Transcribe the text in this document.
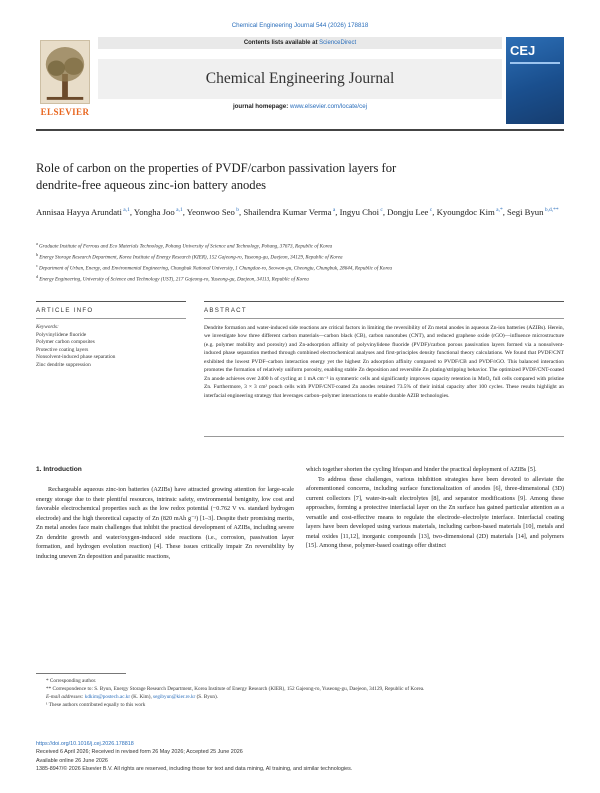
Chemical Engineering Journal 544 (2026) 178818
ELSEVIER
Contents lists available at ScienceDirect
Chemical Engineering Journal
journal homepage: www.elsevier.com/locate/cej
CEJ
Role of carbon on the properties of PVDF/carbon passivation layers for
dendrite-free aqueous zinc-ion battery anodes
Annisaa Hayya Arundati $^{a,1}$, Yongha Joo $^{a,1}$, Yeonwoo Seo $^b$, Shailendra Kumar Verma $^a$, Ingyu Choi $^c$, Dongju Lee $^c$, Kyoungdoc Kim $^{a,*}$, Segi Byun $^{b,d,**}$
$^a$ Graduate Institute of Ferrous and Eco Materials Technology, Pohang University of Science and Technology, Pohang, 37673, Republic of Korea
$^b$ Energy Storage Research Department, Korea Institute of Energy Research (KIER), 152 Gajeong-ro, Yuseong-gu, Daejeon, 34129, Republic of Korea
$^c$ Department of Urban, Energy, and Environmental Engineering, Chungbuk National University, 1 Chungdae-ro, Seowon-gu, Cheongju, Chungbuk, 28644, Republic of Korea
$^d$ Energy Engineering, University of Science and Technology (UST), 217 Gajeong-ro, Yuseong-gu, Daejeon, 34113, Republic of Korea
ARTICLE INFO	ABSTRACT
Keywords:
Polyvinylidene fluoride
Polymer carbon composites
Protective coating layers
Nonsolvent-induced phase separation
Zinc dendrite suppression
Dendrite formation and water-induced side reactions are critical factors in limiting the reversibility of Zn metal anodes in aqueous Zn-ion batteries (AZIBs). Herein, we investigate how three different carbon materials—carbon black (CB), carbon nanotubes (CNT), and reduced graphene oxide (rGO)—influence microstructure (e.g. polymer mobility and porosity) and Zn-adsorption affinity of polyvinylidene fluoride (PVDF)/carbon porous passivation layers formed via a nonsolvent-induced phase separation method through combined electrochemical analyses and first-principles density functional theory calculations. We found that PVDF/CNT exhibited the lowest PVDF–carbon interaction energy yet the highest Zn adsorption affinity compared to PVDF/CB and PVDF/rGO. This balanced interaction promotes the formation of relatively uniform porosity, enabling stable Zn deposition and reversible Zn plating/stripping behavior. The optimized PVDF/CNT-coated Zn anode achieves over 2400 h of cycling at 1 mA cm⁻² in symmetric cells and significantly improves capacity retention in MnO₂ full cells compared with pristine Zn. Furthermore, 3 × 3 cm² pouch cells with PVDF/CNT-coated Zn anodes retained 73.5% of their initial capacity after 100 cycles. These results highlight an interfacial engineering strategy that leverages carbon–polymer interactions to enable durable AZIB technologies.
1. Introduction

Rechargeable aqueous zinc-ion batteries (AZIBs) have attracted growing attention for large-scale energy storage due to their plentiful resources, intrinsic safety, environmental benignity, low cost and favorable electrochemical properties such as the low redox potential (−0.762 V vs. standard hydrogen electrode) and the high theoretical capacity of Zn (820 mAh g⁻¹) [1–3]. Despite their promising merits, Zn metal anodes face main challenges that inhibit the practical development of AZIBs, including severe Zn dendrite growth and water/oxygen-induced side reactions (i.e., corrosion, passivation layer formation, and hydrogen evolution reaction) [4]. These issues critically impair Zn reversibility by inducing uneven Zn deposition and parasitic reactions,

which together shorten the cycling lifespan and hinder the practical deployment of AZIBs [5].

To address these challenges, various inhibition strategies have been devoted to alleviate the aforementioned concerns, including surface functionalization of anodes [6], three-dimensional (3D) current collectors [7], water-in-salt electrolytes [8], and separator modifications [9]. Among these approaches, forming a protective interfacial layer on the Zn surface has gained particular attention as a versatile and cost-effective means to regulate the electrode–electrolyte interface. Interfacial coating layers have been developed using various materials, including carbon-based materials [10], metals and metal oxides [11,12], inorganic compounds [13], two-dimensional (2D) materials [14], and polymers [15]. Among these, polymer-based coatings offer distinct

* Corresponding author.
** Correspondence to: S. Byun, Energy Storage Research Department, Korea Institute of Energy Research (KIER), 152 Gajeong-ro, Yuseong-gu, Daejeon, 34129, Republic of Korea.
E-mail addresses: kdkim@postech.ac.kr (K. Kim), segibyun@kier.re.kr (S. Byun).
¹ These authors contributed equally to this work
https://doi.org/10.1016/j.cej.2026.178818
Received 6 April 2026; Received in revised form 26 May 2026; Accepted 25 June 2026
Available online 26 June 2026
1385-8947/© 2026 Elsevier B.V. All rights are reserved, including those for text and data mining, AI training, and similar technologies.
